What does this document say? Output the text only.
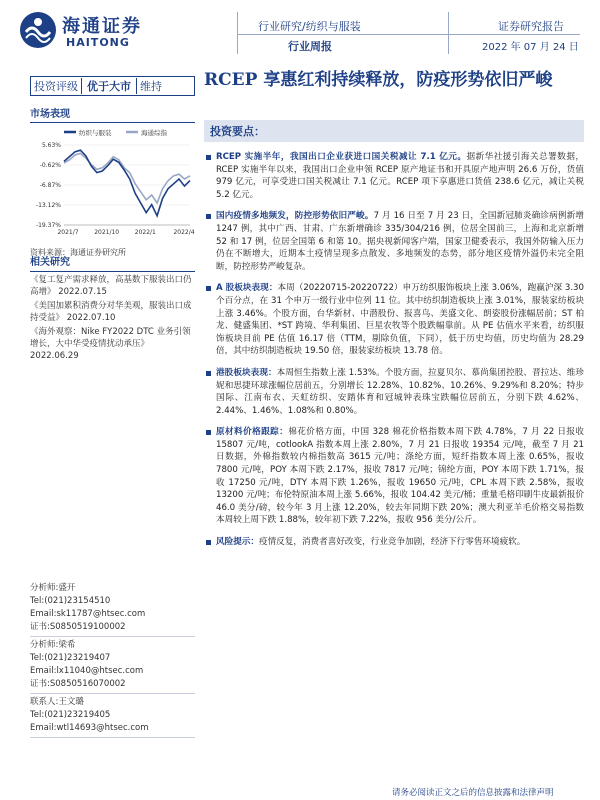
海通证券
HAITONG
行业研究/纺织与服装
行业周报
证券研究报告
2022 年 07 月 24 日
投资评级 优于大市 维持 RCEP 享惠红利持续释放，防疫形势依旧严峻
市场表现
纺织与服装	海通综指
5.63%
-0.62%
-6.87%
-13.12%
-19.37%
2021/7	2021/10	2022/1	2022/4
资料来源：海通证券研究所
相关研究
《复工复产需求释放，高基数下服装出口仍高增》 2022.07.15
《美国加累积消费分对华美观，服装出口成持受益》 2022.07.10
《海外观察：Nike FY2022 DTC 业务引领增长，大中华受疫情扰动承压》 2022.06.29
分析师:盛开
Tel:(021)23154510
Email:sk11787@htsec.com
证书:S0850519100002
分析师:梁希
Tel:(021)23219407
Email:lx11040@htsec.com
证书:S0850516070002
联系人:王文璐
Tel:(021)23219405
Email:wtl14693@htsec.com
投资要点：
RCEP 实施半年，我国出口企业获进口国关税减让 7.1 亿元。据新华社援引海关总署数据，RCEP 实施半年以来，我国出口企业申领 RCEP 原产地证书和开具原产地声明 26.6 万份，货值 979 亿元，可享受进口国关税减让 7.1 亿元。RCEP 项下享惠进口货值 238.6 亿元，减让关税 5.2 亿元。
国内疫情多地频发，防控形势依旧严峻。7 月 16 日至 7 月 23 日，全国新冠肺炎确诊病例新增 1247 例，其中广西、甘肃、广东新增确诊 335/304/216 例，位居全国前三，上海和北京新增 52 和 17 例，位居全国第 6 和第 10。据央视新闻客户端，国家卫健委表示，我国外防输入压力仍在不断增大，近期本土疫情呈现多点散发、多地频发的态势，部分地区疫情外溢仍未完全阻断，防控形势严峻复杂。
A 股板块表现：本周（20220715-20220722）申万纺织服饰板块上涨 3.06%，跑赢沪深 3.30 个百分点，在 31 个申万一级行业中位列 11 位。其中纺织制造板块上涨 3.01%，服装家纺板块上涨 3.46%。个股方面，台华新材、中潜股份、报喜鸟、美盛文化、朗姿股份涨幅居前；ST 柏龙、健盛集团、*ST 跨境、华利集团、巨星农牧等个股跌幅靠前。从 PE 估值水平来看，纺织服饰板块目前 PE 估值 16.17 倍（TTM，剔除负值，下同），低于历史均值，历史均值为 28.29 倍，其中纺织制造板块 19.50 倍，服装家纺板块 13.78 倍。
港股板块表现：本周恒生指数上涨 1.53%。个股方面，拉夏贝尔、慕尚集团控股、晋拉达、维珍妮和思捷环球涨幅位居前五，分别增长 12.28%、10.82%、10.26%、9.29%和 8.20%；特步国际、江南布衣、天虹纺织、安踏体育和冠城钟表珠宝跌幅位居前五，分别下跌 4.62%、2.44%、1.46%、1.08%和 0.80%。
原材料价格跟踪：棉花价格方面，中国 328 棉花价格指数本周下跌 4.78%，7 月 22 日报收 15807 元/吨，cotlookA 指数本周上涨 2.80%，7 月 21 日报收 19354 元/吨，截至 7 月 21 日数据，外棉指数较内棉指数高 3615 元/吨；涤纶方面，短纤指数本周上涨 0.65%，报收 7800 元/吨，POY 本周下跌 2.17%，报收 7817 元/吨；锦纶方面，POY 本周下跌 1.71%，报收 17250 元/吨，DTY 本周下跌 1.26%，报收 19650 元/吨，CPL 本周下跌 2.58%，报收 13200 元/吨；布伦特原油本周上涨 5.66%，报收 104.42 美元/桶；重量毛格印刷牛皮最新报价 46.0 美分/磅，较今年 3 月上涨 12.20%，较去年同期下跌 20%；澳大利亚羊毛价格交易指数本周较上周下跌 1.88%，较年初下跌 7.22%，报收 956 美分/公斤。
风险提示：疫情反复，消费者喜好改变，行业竞争加剧，经济下行零售环境疲软。
请务必阅读正文之后的信息披露和法律声明
